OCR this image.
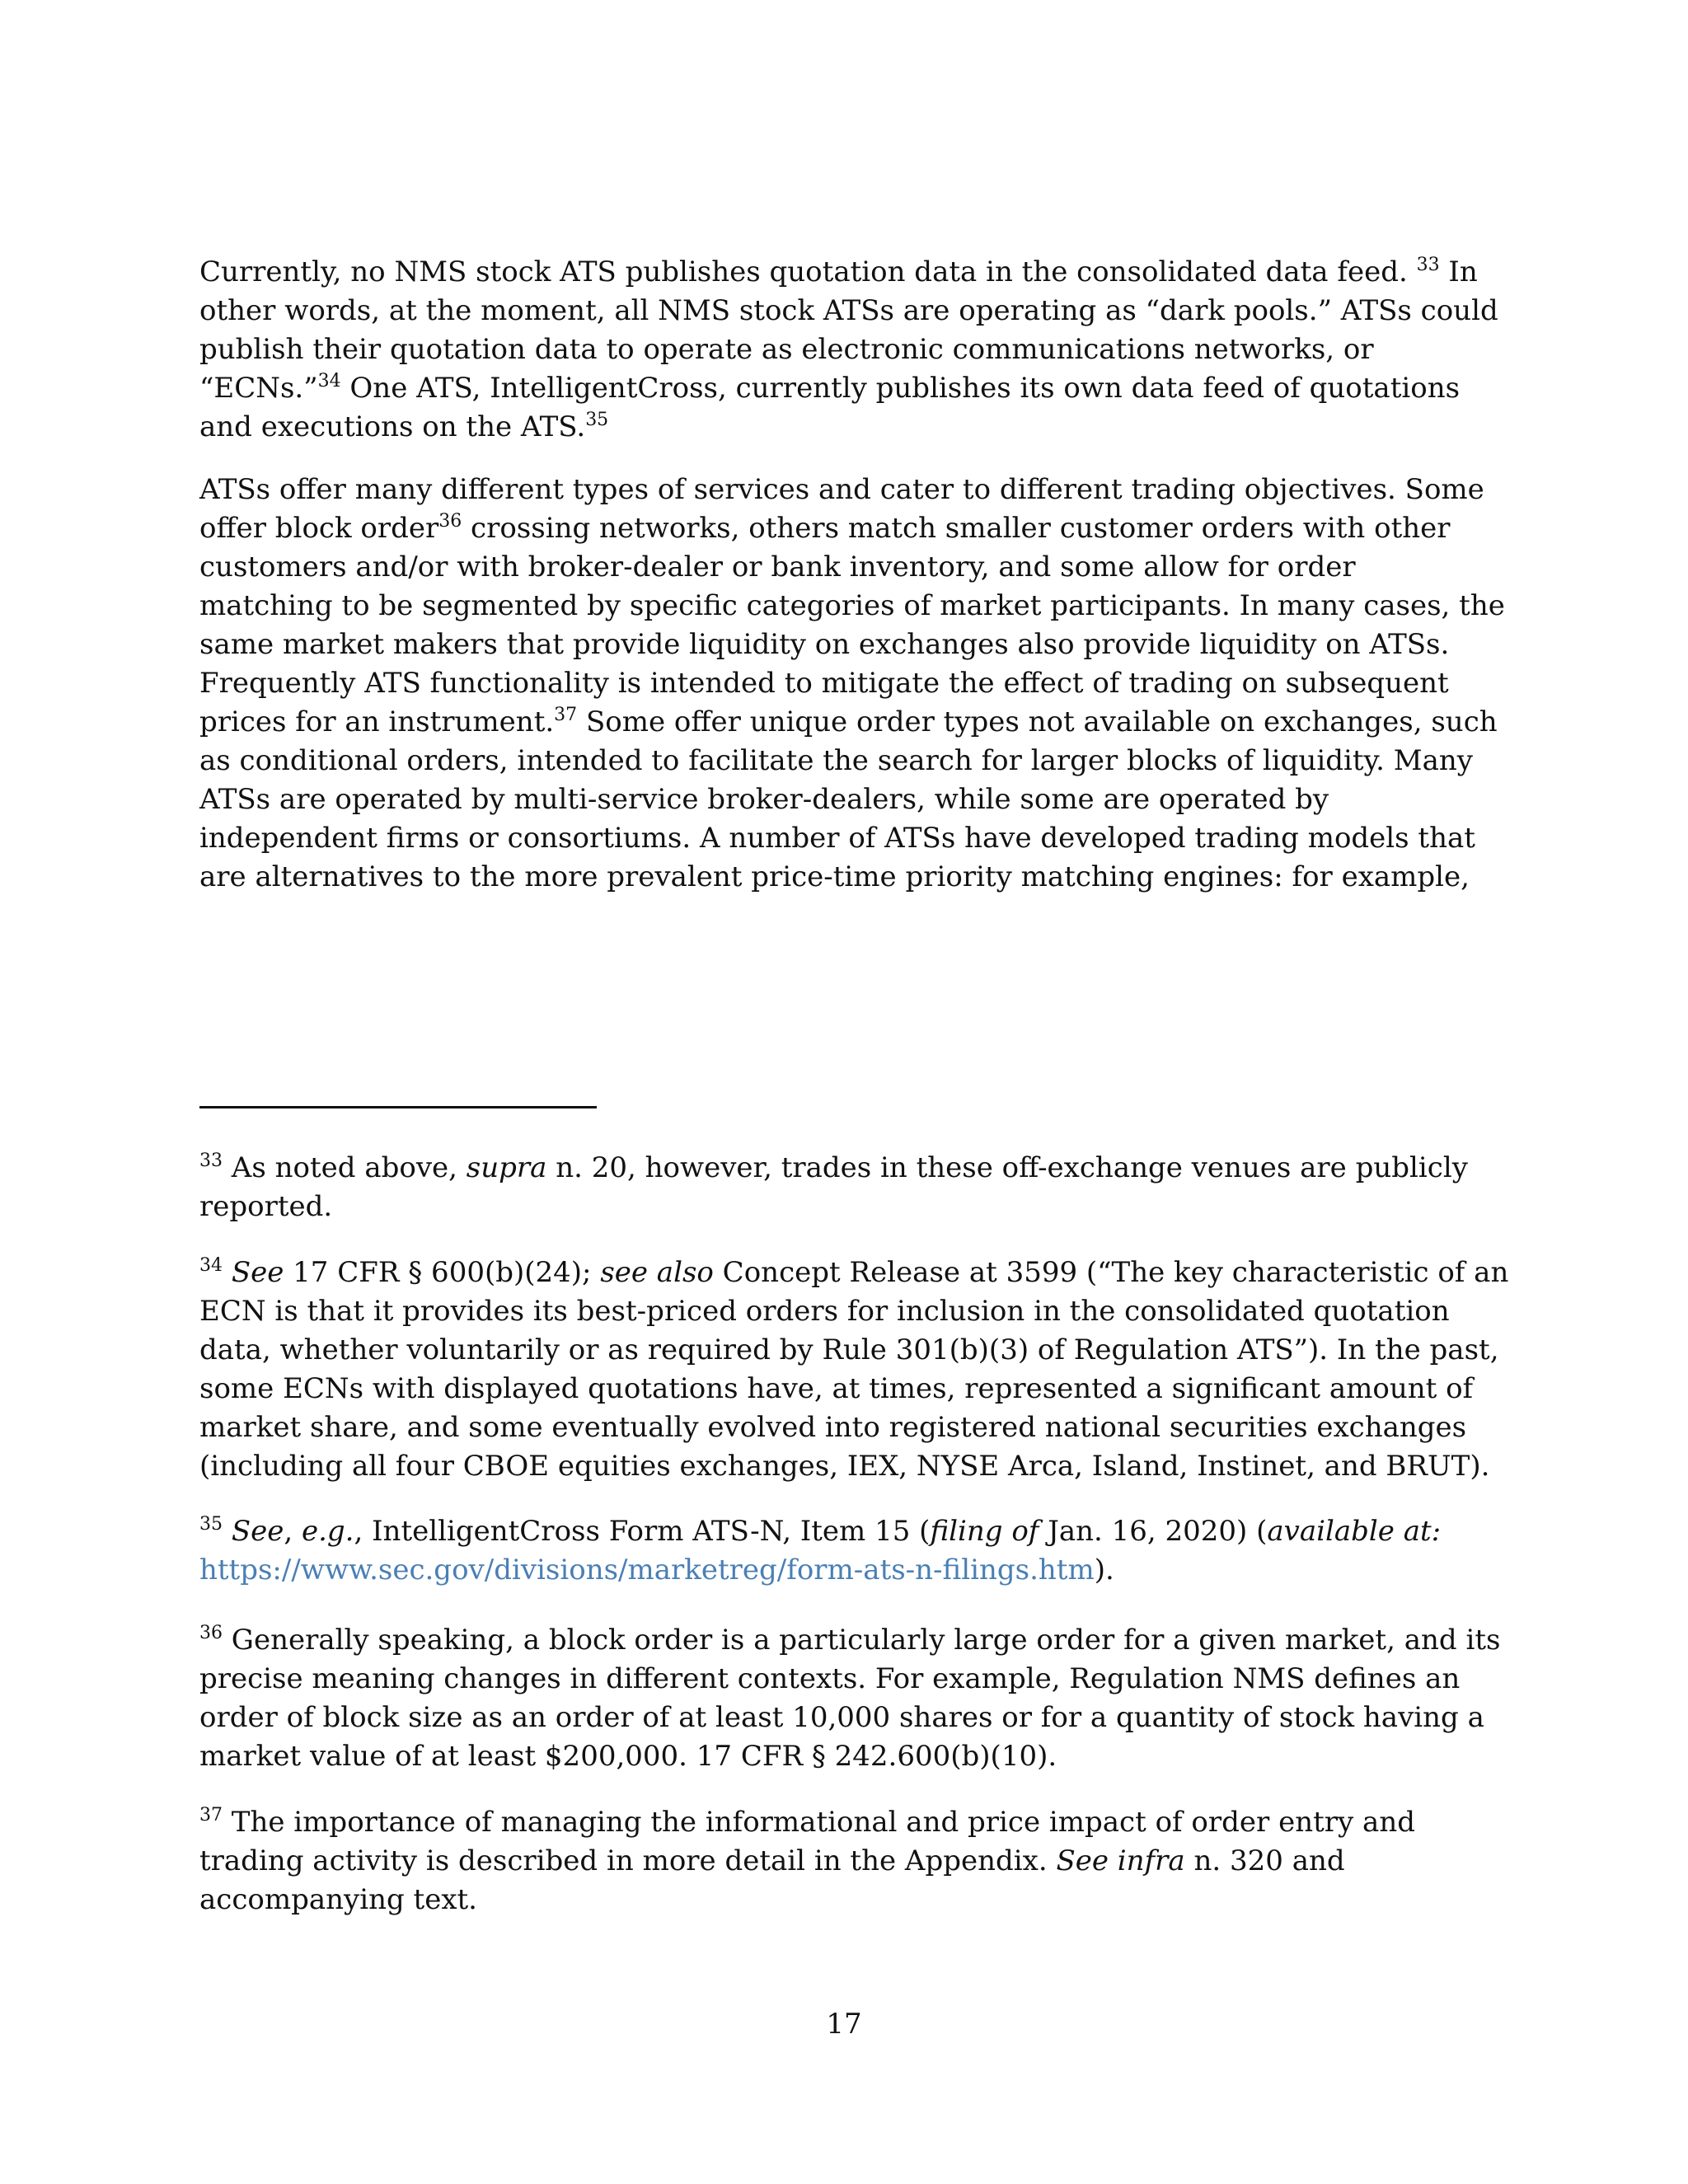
Currently, no NMS stock ATS publishes quotation data in the consolidated data feed. $^{33}$ In
other words, at the moment, all NMS stock ATSs are operating as “dark pools.” ATSs could
publish their quotation data to operate as electronic communications networks, or
“ECNs.”$^{34}$ One ATS, IntelligentCross, currently publishes its own data feed of quotations
and executions on the ATS.$^{35}$
ATSs offer many different types of services and cater to different trading objectives. Some
offer block order$^{36}$ crossing networks, others match smaller customer orders with other
customers and/or with broker-dealer or bank inventory, and some allow for order
matching to be segmented by specific categories of market participants. In many cases, the
same market makers that provide liquidity on exchanges also provide liquidity on ATSs.
Frequently ATS functionality is intended to mitigate the effect of trading on subsequent
prices for an instrument.$^{37}$ Some offer unique order types not available on exchanges, such
as conditional orders, intended to facilitate the search for larger blocks of liquidity. Many
ATSs are operated by multi-service broker-dealers, while some are operated by
independent firms or consortiums. A number of ATSs have developed trading models that
are alternatives to the more prevalent price-time priority matching engines: for example,
$^{33}$ As noted above, supra n. 20, however, trades in these off-exchange venues are publicly
reported.
$^{34}$ See 17 CFR § 600(b)(24); see also Concept Release at 3599 (“The key characteristic of an
ECN is that it provides its best-priced orders for inclusion in the consolidated quotation
data, whether voluntarily or as required by Rule 301(b)(3) of Regulation ATS”). In the past,
some ECNs with displayed quotations have, at times, represented a significant amount of
market share, and some eventually evolved into registered national securities exchanges
(including all four CBOE equities exchanges, IEX, NYSE Arca, Island, Instinet, and BRUT).
$^{35}$ See, e.g., IntelligentCross Form ATS-N, Item 15 (filing of Jan. 16, 2020) (available at:
https://www.sec.gov/divisions/marketreg/form-ats-n-filings.htm).
$^{36}$ Generally speaking, a block order is a particularly large order for a given market, and its
precise meaning changes in different contexts. For example, Regulation NMS defines an
order of block size as an order of at least 10,000 shares or for a quantity of stock having a
market value of at least $200,000. 17 CFR § 242.600(b)(10).
$^{37}$ The importance of managing the informational and price impact of order entry and
trading activity is described in more detail in the Appendix. See infra n. 320 and
accompanying text.
17
